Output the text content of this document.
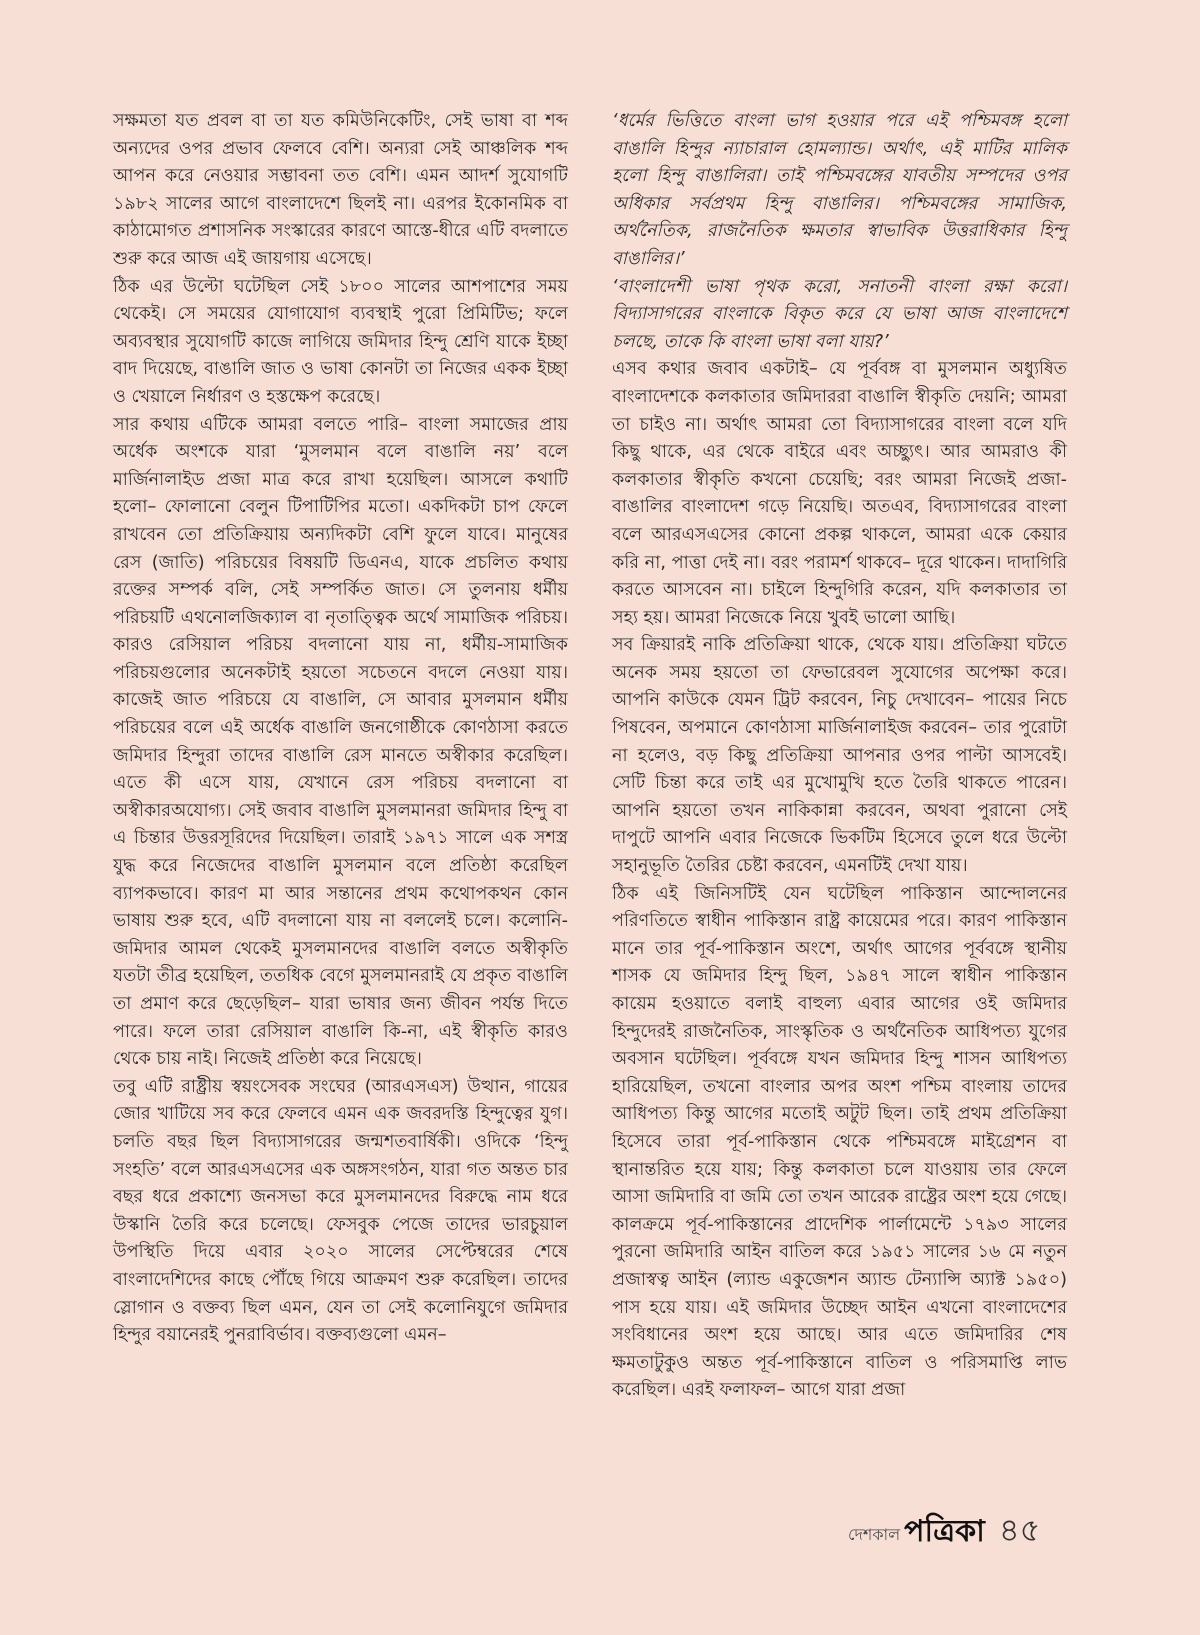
সক্ষমতা যত প্রবল বা তা যত কমিউনিকেটিং, সেই ভাষা বা শব্দ অন্যদের ওপর প্রভাব ফেলবে বেশি। অন্যরা সেই আঞ্চলিক শব্দ আপন করে নেওয়ার সম্ভাবনা তত বেশি। এমন আদর্শ সুযোগটি ১৯৮২ সালের আগে বাংলাদেশে ছিলই না। এরপর ইকোনমিক বা কাঠামোগত প্রশাসনিক সংস্কারের কারণে আস্তে-ধীরে এটি বদলাতে শুরু করে আজ এই জায়গায় এসেছে।

ঠিক এর উল্টো ঘটেছিল সেই ১৮০০ সালের আশপাশের সময় থেকেই। সে সময়ের যোগাযোগ ব্যবস্থাই পুরো প্রিমিটিভ; ফলে অব্যবস্থার সুযোগটি কাজে লাগিয়ে জমিদার হিন্দু শ্রেণি যাকে ইচ্ছা বাদ দিয়েছে, বাঙালি জাত ও ভাষা কোনটা তা নিজের একক ইচ্ছা ও খেয়ালে নির্ধারণ ও হস্তক্ষেপ করেছে।

সার কথায় এটিকে আমরা বলতে পারি– বাংলা সমাজের প্রায় অর্ধেক অংশকে যারা ‘মুসলমান বলে বাঙালি নয়’ বলে মার্জিনালাইড প্রজা মাত্র করে রাখা হয়েছিল। আসলে কথাটি হলো– ফোলানো বেলুন টিপাটিপির মতো। একদিকটা চাপ ফেলে রাখবেন তো প্রতিক্রিয়ায় অন্যদিকটা বেশি ফুলে যাবে। মানুষের রেস (জাতি) পরিচয়ের বিষয়টি ডিএনএ, যাকে প্রচলিত কথায় রক্তের সম্পর্ক বলি, সেই সম্পর্কিত জাত। সে তুলনায় ধর্মীয় পরিচয়টি এথনোলজিক্যাল বা নৃতাত্ত্বিক অর্থে সামাজিক পরিচয়। কারও রেসিয়াল পরিচয় বদলানো যায় না, ধর্মীয়-সামাজিক পরিচয়গুলোর অনেকটাই হয়তো সচেতনে বদলে নেওয়া যায়। কাজেই জাত পরিচয়ে যে বাঙালি, সে আবার মুসলমান ধর্মীয় পরিচয়ের বলে এই অর্ধেক বাঙালি জনগোষ্ঠীকে কোণঠাসা করতে জমিদার হিন্দুরা তাদের বাঙালি রেস মানতে অস্বীকার করেছিল। এতে কী এসে যায়, যেখানে রেস পরিচয় বদলানো বা অস্বীকারঅযোগ্য। সেই জবাব বাঙালি মুসলমানরা জমিদার হিন্দু বা এ চিন্তার উত্তরসূরিদের দিয়েছিল। তারাই ১৯৭১ সালে এক সশস্ত্র যুদ্ধ করে নিজেদের বাঙালি মুসলমান বলে প্রতিষ্ঠা করেছিল ব্যাপকভাবে। কারণ মা আর সন্তানের প্রথম কথোপকথন কোন ভাষায় শুরু হবে, এটি বদলানো যায় না বললেই চলে। কলোনি-জমিদার আমল থেকেই মুসলমানদের বাঙালি বলতে অস্বীকৃতি যতটা তীব্র হয়েছিল, ততধিক বেগে মুসলমানরাই যে প্রকৃত বাঙালি তা প্রমাণ করে ছেড়েছিল– যারা ভাষার জন্য জীবন পর্যন্ত দিতে পারে। ফলে তারা রেসিয়াল বাঙালি কি-না, এই স্বীকৃতি কারও থেকে চায় নাই। নিজেই প্রতিষ্ঠা করে নিয়েছে।

তবু এটি রাষ্ট্রীয় স্বয়ংসেবক সংঘের (আরএসএস) উত্থান, গায়ের জোর খাটিয়ে সব করে ফেলবে এমন এক জবরদস্তি হিন্দুত্বের যুগ। চলতি বছর ছিল বিদ্যাসাগরের জন্মশতবার্ষিকী। ওদিকে ‘হিন্দু সংহতি’ বলে আরএসএসের এক অঙ্গসংগঠন, যারা গত অন্তত চার বছর ধরে প্রকাশ্যে জনসভা করে মুসলমানদের বিরুদ্ধে নাম ধরে উস্কানি তৈরি করে চলেছে। ফেসবুক পেজে তাদের ভারচুয়াল উপস্থিতি দিয়ে এবার ২০২০ সালের সেপ্টেম্বরের শেষে বাংলাদেশিদের কাছে পৌঁছে গিয়ে আক্রমণ শুরু করেছিল। তাদের স্লোগান ও বক্তব্য ছিল এমন, যেন তা সেই কলোনিযুগে জমিদার হিন্দুর বয়ানেরই পুনরাবির্ভাব। বক্তব্যগুলো এমন–

‘ধর্মের ভিত্তিতে বাংলা ভাগ হওয়ার পরে এই পশ্চিমবঙ্গ হলো বাঙালি হিন্দুর ন্যাচারাল হোমল্যান্ড। অর্থাৎ, এই মাটির মালিক হলো হিন্দু বাঙালিরা। তাই পশ্চিমবঙ্গের যাবতীয় সম্পদের ওপর অধিকার সর্বপ্রথম হিন্দু বাঙালির। পশ্চিমবঙ্গের সামাজিক, অর্থনৈতিক, রাজনৈতিক ক্ষমতার স্বাভাবিক উত্তরাধিকার হিন্দু বাঙালির।’

‘বাংলাদেশী ভাষা পৃথক করো, সনাতনী বাংলা রক্ষা করো। বিদ্যাসাগরের বাংলাকে বিকৃত করে যে ভাষা আজ বাংলাদেশে চলছে, তাকে কি বাংলা ভাষা বলা যায়?’

এসব কথার জবাব একটাই– যে পূর্ববঙ্গ বা মুসলমান অধ্যুষিত বাংলাদেশকে কলকাতার জমিদাররা বাঙালি স্বীকৃতি দেয়নি; আমরা তা চাইও না। অর্থাৎ আমরা তো বিদ্যাসাগরের বাংলা বলে যদি কিছু থাকে, এর থেকে বাইরে এবং অচ্ছ্যুৎ। আর আমরাও কী কলকাতার স্বীকৃতি কখনো চেয়েছি; বরং আমরা নিজেই প্রজা-বাঙালির বাংলাদেশ গড়ে নিয়েছি। অতএব, বিদ্যাসাগরের বাংলা বলে আরএসএসের কোনো প্রকল্প থাকলে, আমরা একে কেয়ার করি না, পাত্তা দেই না। বরং পরামর্শ থাকবে– দূরে থাকেন। দাদাগিরি করতে আসবেন না। চাইলে হিন্দুগিরি করেন, যদি কলকাতার তা সহ্য হয়। আমরা নিজেকে নিয়ে খুবই ভালো আছি।

সব ক্রিয়ারই নাকি প্রতিক্রিয়া থাকে, থেকে যায়। প্রতিক্রিয়া ঘটতে অনেক সময় হয়তো তা ফেভারেবল সুযোগের অপেক্ষা করে। আপনি কাউকে যেমন ট্রিট করবেন, নিচু দেখাবেন– পায়ের নিচে পিষবেন, অপমানে কোণঠাসা মার্জিনালাইজ করবেন– তার পুরোটা না হলেও, বড় কিছু প্রতিক্রিয়া আপনার ওপর পাল্টা আসবেই। সেটি চিন্তা করে তাই এর মুখোমুখি হতে তৈরি থাকতে পারেন। আপনি হয়তো তখন নাকিকান্না করবেন, অথবা পুরানো সেই দাপুটে আপনি এবার নিজেকে ভিকটিম হিসেবে তুলে ধরে উল্টো সহানুভূতি তৈরির চেষ্টা করবেন, এমনটিই দেখা যায়।

ঠিক এই জিনিসটিই যেন ঘটেছিল পাকিস্তান আন্দোলনের পরিণতিতে স্বাধীন পাকিস্তান রাষ্ট্র কায়েমের পরে। কারণ পাকিস্তান মানে তার পূর্ব-পাকিস্তান অংশে, অর্থাৎ আগের পূর্ববঙ্গে স্থানীয় শাসক যে জমিদার হিন্দু ছিল, ১৯৪৭ সালে স্বাধীন পাকিস্তান কায়েম হওয়াতে বলাই বাহুল্য এবার আগের ওই জমিদার হিন্দুদেরই রাজনৈতিক, সাংস্কৃতিক ও অর্থনৈতিক আধিপত্য যুগের অবসান ঘটেছিল। পূর্ববঙ্গে যখন জমিদার হিন্দু শাসন আধিপত্য হারিয়েছিল, তখনো বাংলার অপর অংশ পশ্চিম বাংলায় তাদের আধিপত্য কিন্তু আগের মতোই অটুট ছিল। তাই প্রথম প্রতিক্রিয়া হিসেবে তারা পূর্ব-পাকিস্তান থেকে পশ্চিমবঙ্গে মাইগ্রেশন বা স্থানান্তরিত হয়ে যায়; কিন্তু কলকাতা চলে যাওয়ায় তার ফেলে আসা জমিদারি বা জমি তো তখন আরেক রাষ্ট্রের অংশ হয়ে গেছে। কালক্রমে পূর্ব-পাকিস্তানের প্রাদেশিক পার্লামেন্টে ১৭৯৩ সালের পুরনো জমিদারি আইন বাতিল করে ১৯৫১ সালের ১৬ মে নতুন প্রজাস্বত্ব আইন (ল্যান্ড একুজেশন অ্যান্ড টেন্যান্সি অ্যাক্ট ১৯৫০) পাস হয়ে যায়। এই জমিদার উচ্ছেদ আইন এখনো বাংলাদেশের সংবিধানের অংশ হয়ে আছে। আর এতে জমিদারির শেষ ক্ষমতাটুকুও অন্তত পূর্ব-পাকিস্তানে বাতিল ও পরিসমাপ্তি লাভ করেছিল। এরই ফলাফল– আগে যারা প্রজা

দেশকাল পত্রিকা ৪৫
